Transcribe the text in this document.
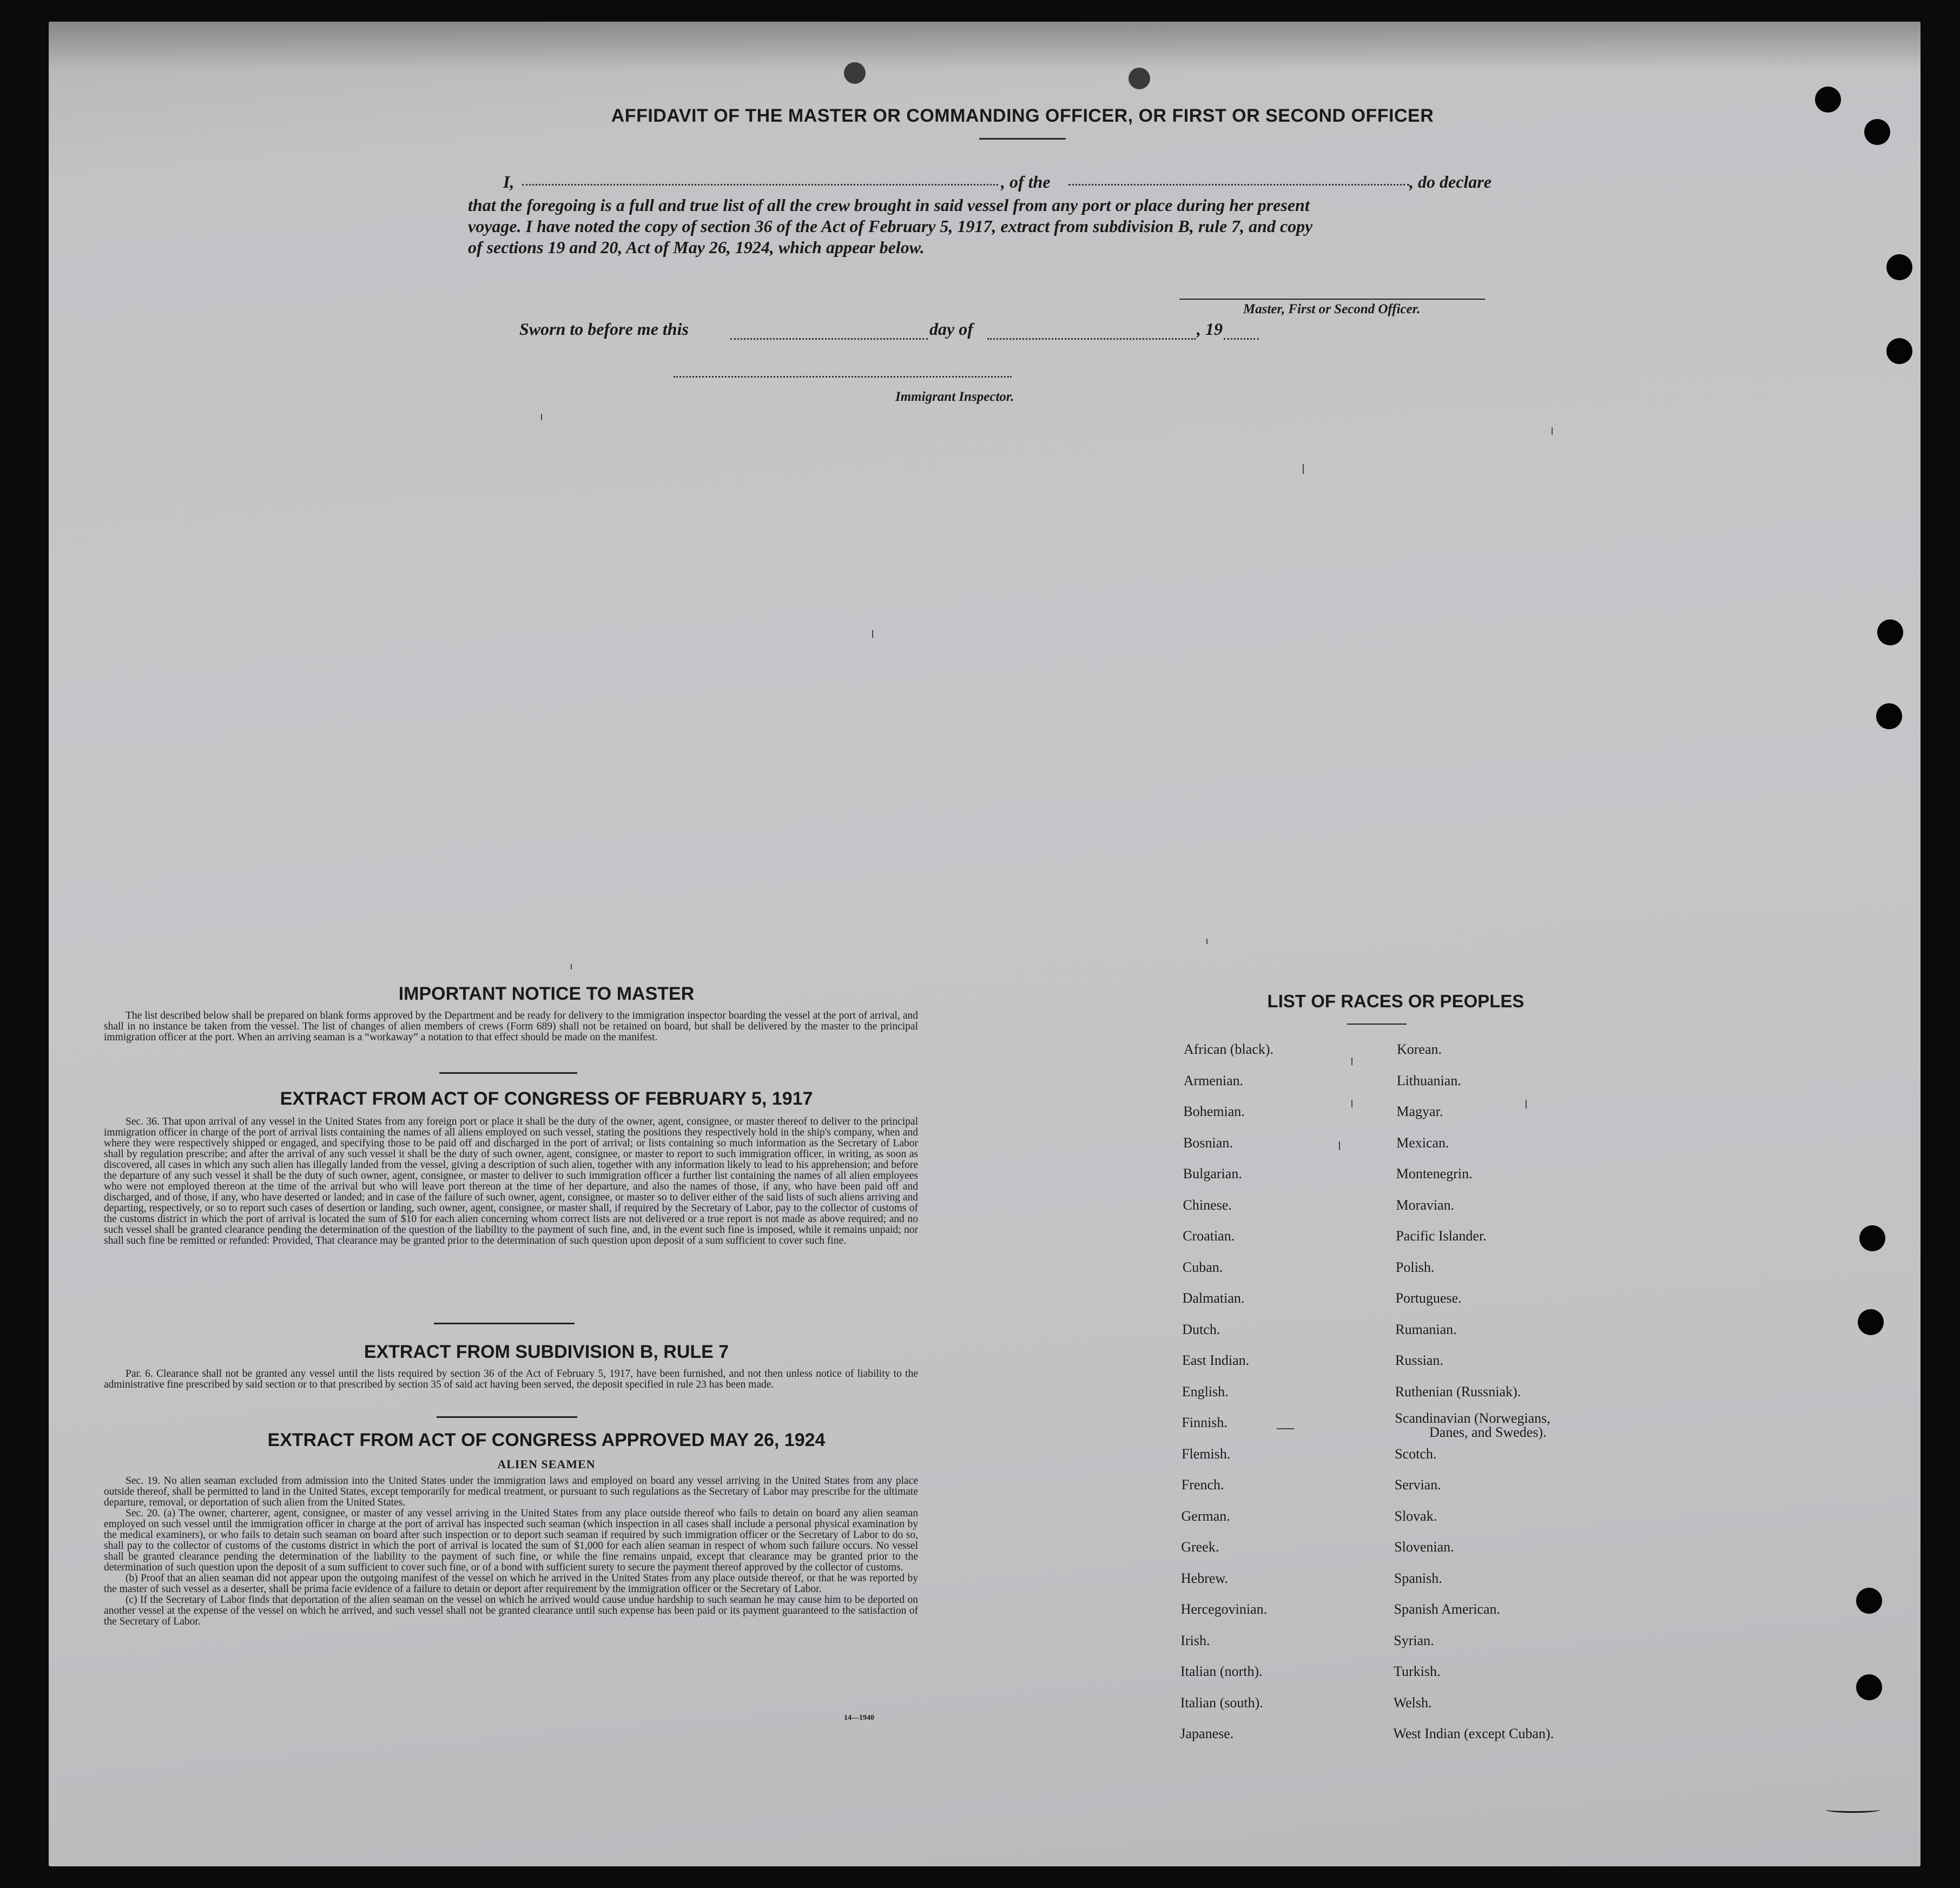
AFFIDAVIT OF THE MASTER OR COMMANDING OFFICER, OR FIRST OR SECOND OFFICER
I,	, of the	, do declare
that the foregoing is a full and true list of all the crew brought in said vessel from any port or place during her present
voyage. I have noted the copy of section 36 of the Act of February 5, 1917, extract from subdivision B, rule 7, and copy
of sections 19 and 20, Act of May 26, 1924, which appear below.
Master, First or Second Officer.
Sworn to before me this	day of	, 19
Immigrant Inspector.
IMPORTANT NOTICE TO MASTER

The list described below shall be prepared on blank forms approved by the Department and be ready for delivery to the immigration inspector boarding the vessel at the port of arrival, and shall in no instance be taken from the vessel. The list of changes of alien members of crews (Form 689) shall not be retained on board, but shall be delivered by the master to the principal immigration officer at the port. When an arriving seaman is a “workaway” a notation to that effect should be made on the manifest.

EXTRACT FROM ACT OF CONGRESS OF FEBRUARY 5, 1917

Sec. 36. That upon arrival of any vessel in the United States from any foreign port or place it shall be the duty of the owner, agent, consignee, or master thereof to deliver to the principal immigration officer in charge of the port of arrival lists containing the names of all aliens employed on such vessel, stating the positions they respectively hold in the ship's company, when and where they were respectively shipped or engaged, and specifying those to be paid off and discharged in the port of arrival; or lists containing so much information as the Secretary of Labor shall by regulation prescribe; and after the arrival of any such vessel it shall be the duty of such owner, agent, consignee, or master to report to such immigration officer, in writing, as soon as discovered, all cases in which any such alien has illegally landed from the vessel, giving a description of such alien, together with any information likely to lead to his apprehension; and before the departure of any such vessel it shall be the duty of such owner, agent, consignee, or master to deliver to such immigration officer a further list containing the names of all alien employees who were not employed thereon at the time of the arrival but who will leave port thereon at the time of her departure, and also the names of those, if any, who have been paid off and discharged, and of those, if any, who have deserted or landed; and in case of the failure of such owner, agent, consignee, or master so to deliver either of the said lists of such aliens arriving and departing, respectively, or so to report such cases of desertion or landing, such owner, agent, consignee, or master shall, if required by the Secretary of Labor, pay to the collector of customs of the customs district in which the port of arrival is located the sum of $10 for each alien concerning whom correct lists are not delivered or a true report is not made as above required; and no such vessel shall be granted clearance pending the determination of the question of the liability to the payment of such fine, and, in the event such fine is imposed, while it remains unpaid; nor shall such fine be remitted or refunded: Provided, That clearance may be granted prior to the determination of such question upon deposit of a sum sufficient to cover such fine.

EXTRACT FROM SUBDIVISION B, RULE 7

Par. 6. Clearance shall not be granted any vessel until the lists required by section 36 of the Act of February 5, 1917, have been furnished, and not then unless notice of liability to the administrative fine prescribed by said section or to that prescribed by section 35 of said act having been served, the deposit specified in rule 23 has been made.

EXTRACT FROM ACT OF CONGRESS APPROVED MAY 26, 1924
ALIEN SEAMEN

Sec. 19. No alien seaman excluded from admission into the United States under the immigration laws and employed on board any vessel arriving in the United States from any place outside thereof, shall be permitted to land in the United States, except temporarily for medical treatment, or pursuant to such regulations as the Secretary of Labor may prescribe for the ultimate departure, removal, or deportation of such alien from the United States.

Sec. 20. (a) The owner, charterer, agent, consignee, or master of any vessel arriving in the United States from any place outside thereof who fails to detain on board any alien seaman employed on such vessel until the immigration officer in charge at the port of arrival has inspected such seaman (which inspection in all cases shall include a personal physical examination by the medical examiners), or who fails to detain such seaman on board after such inspection or to deport such seaman if required by such immigration officer or the Secretary of Labor to do so, shall pay to the collector of customs of the customs district in which the port of arrival is located the sum of $1,000 for each alien seaman in respect of whom such failure occurs. No vessel shall be granted clearance pending the determination of the liability to the payment of such fine, or while the fine remains unpaid, except that clearance may be granted prior to the determination of such question upon the deposit of a sum sufficient to cover such fine, or of a bond with sufficient surety to secure the payment thereof approved by the collector of customs.

(b) Proof that an alien seaman did not appear upon the outgoing manifest of the vessel on which he arrived in the United States from any place outside thereof, or that he was reported by the master of such vessel as a deserter, shall be prima facie evidence of a failure to detain or deport after requirement by the immigration officer or the Secretary of Labor.

(c) If the Secretary of Labor finds that deportation of the alien seaman on the vessel on which he arrived would cause undue hardship to such seaman he may cause him to be deported on another vessel at the expense of the vessel on which he arrived, and such vessel shall not be granted clearance until such expense has been paid or its payment guaranteed to the satisfaction of the Secretary of Labor.

14—1940
LIST OF RACES OR PEOPLES
African (black).
Armenian.
Bohemian.
Bosnian.
Bulgarian.
Chinese.
Croatian.
Cuban.
Dalmatian.
Dutch.
East Indian.
English.
Finnish.
Flemish.
French.
German.
Greek.
Hebrew.
Hercegovinian.
Irish.
Italian (north).
Italian (south).
Japanese.
Korean.
Lithuanian.
Magyar.
Mexican.
Montenegrin.
Moravian.
Pacific Islander.
Polish.
Portuguese.
Rumanian.
Russian.
Ruthenian (Russniak).
Scandinavian (Norwegians,
Scotch.
Servian.
Slovak.
Slovenian.
Spanish.
Spanish American.
Syrian.
Turkish.
Welsh.
West Indian (except Cuban).
Danes, and Swedes).
